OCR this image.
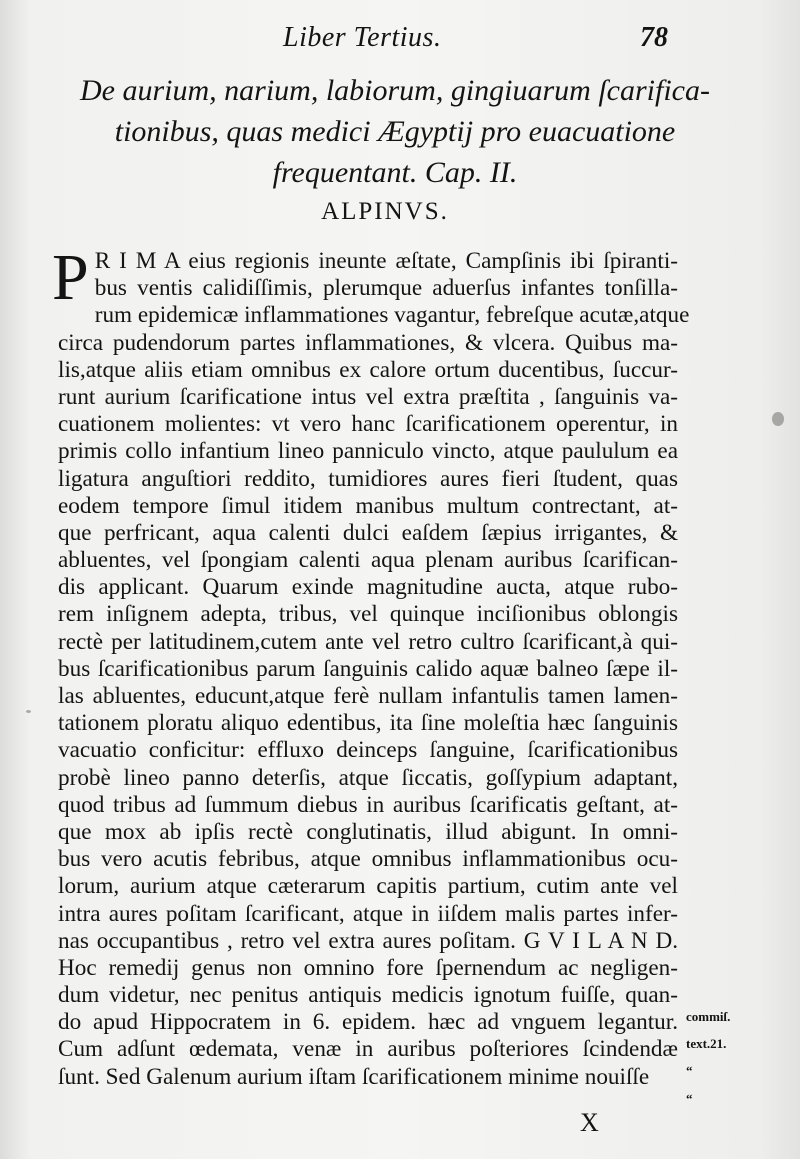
Liber Tertius.	78
De aurium, narium, labiorum, gingiuarum ſcarifica-
tionibus, quas medici Ægyptij pro euacuatione
frequentant. Cap. II.
ALPINVS.
P R I M A eius regionis ineunte æſtate, Campſinis ibi ſpiranti-
bus ventis calidiſſimis, plerumque aduerſus infantes tonſilla-
rum epidemicæ inflammationes vagantur, febreſque acutæ,atque
circa pudendorum partes inflammationes, & vlcera. Quibus ma-
lis,atque aliis etiam omnibus ex calore ortum ducentibus, ſuccur-
runt aurium ſcarificatione intus vel extra præſtita , ſanguinis va-
cuationem molientes: vt vero hanc ſcarificationem operentur, in
primis collo infantium lineo panniculo vincto, atque paululum ea
ligatura anguſtiori reddito, tumidiores aures fieri ſtudent, quas
eodem tempore ſimul itidem manibus multum contrectant, at-
que perfricant, aqua calenti dulci eaſdem ſæpius irrigantes, &
abluentes, vel ſpongiam calenti aqua plenam auribus ſcarifican-
dis applicant. Quarum exinde magnitudine aucta, atque rubo-
rem inſignem adepta, tribus, vel quinque inciſionibus oblongis
rectè per latitudinem,cutem ante vel retro cultro ſcarificant,à qui-
bus ſcarificationibus parum ſanguinis calido aquæ balneo ſæpe il-
las abluentes, educunt,atque ferè nullam infantulis tamen lamen-
tationem ploratu aliquo edentibus, ita ſine moleſtia hæc ſanguinis
vacuatio conficitur: effluxo deinceps ſanguine, ſcarificationibus
probè lineo panno deterſis, atque ſiccatis, goſſypium adaptant,
quod tribus ad ſummum diebus in auribus ſcarificatis geſtant, at-
que mox ab ipſis rectè conglutinatis, illud abigunt. In omni-
bus vero acutis febribus, atque omnibus inflammationibus ocu-
lorum, aurium atque cæterarum capitis partium, cutim ante vel
intra aures poſitam ſcarificant, atque in iiſdem malis partes infer-
nas occupantibus , retro vel extra aures poſitam. G V I L A N D.
Hoc remedij genus non omnino fore ſpernendum ac negligen-
dum videtur, nec penitus antiquis medicis ignotum fuiſſe, quan-
do apud Hippocratem in 6. epidem. hæc ad vnguem legantur.
Cum adſunt œdemata, venæ in auribus poſteriores ſcindendæ
ſunt. Sed Galenum aurium iſtam ſcarificationem minime nouiſſe
commiſ.
text.21.
“
“
X
